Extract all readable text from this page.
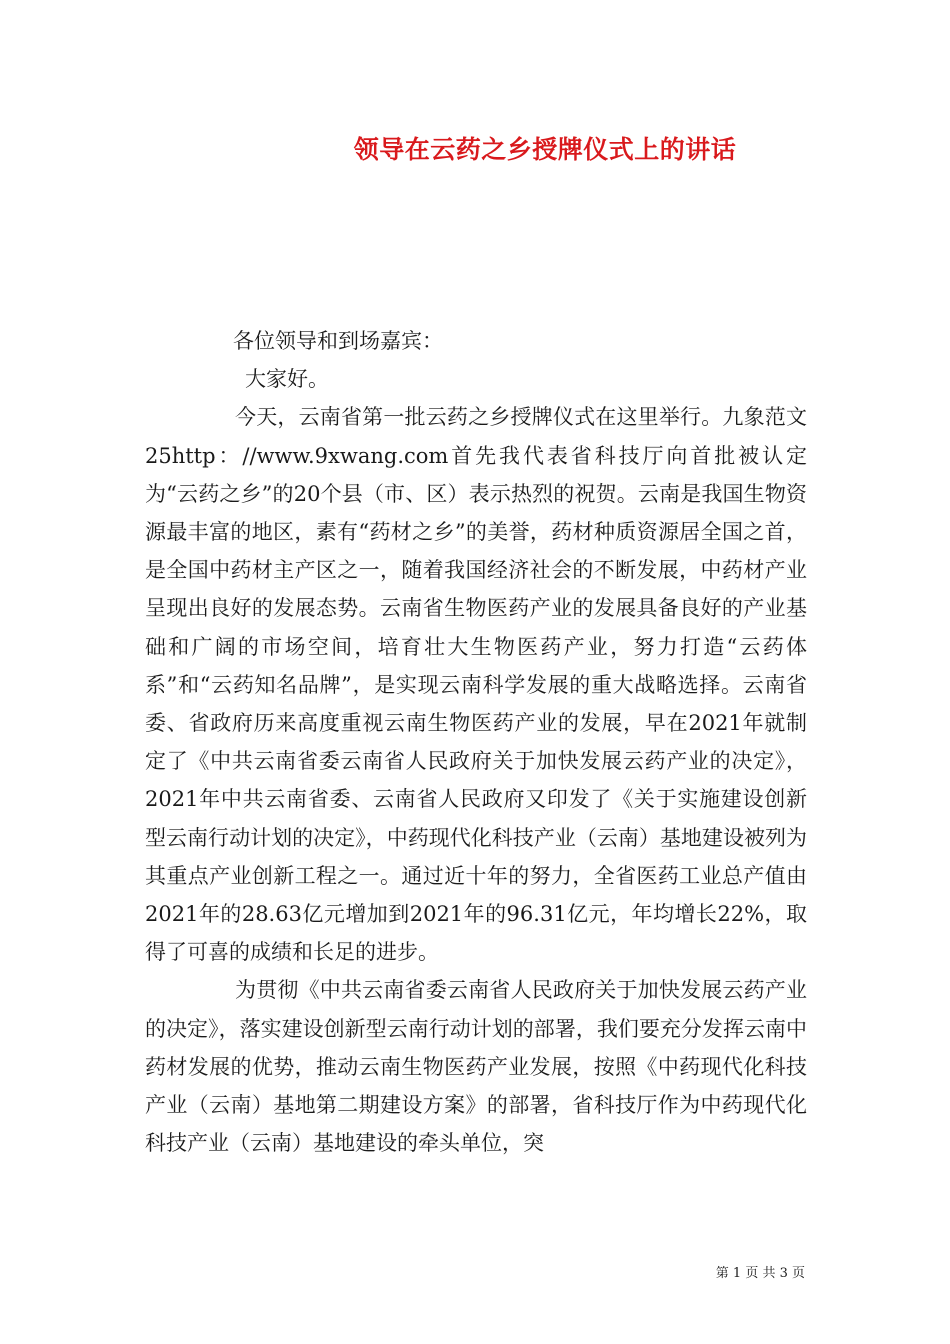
领导在云药之乡授牌仪式上的讲话

各位领导和到场嘉宾：

大家好。

今天，云南省第一批云药之乡授牌仪式在这里举行。九象范文25http：//www.9xwang.com首先我代表省科技厅向首批被认定为“云药之乡”的20个县（市、区）表示热烈的祝贺。云南是我国生物资源最丰富的地区，素有“药材之乡”的美誉，药材种质资源居全国之首，是全国中药材主产区之一，随着我国经济社会的不断发展，中药材产业呈现出良好的发展态势。云南省生物医药产业的发展具备良好的产业基础和广阔的市场空间，培育壮大生物医药产业，努力打造“云药体系”和“云药知名品牌”，是实现云南科学发展的重大战略选择。云南省委、省政府历来高度重视云南生物医药产业的发展，早在2021年就制定了《中共云南省委云南省人民政府关于加快发展云药产业的决定》，2021年中共云南省委、云南省人民政府又印发了《关于实施建设创新型云南行动计划的决定》，中药现代化科技产业（云南）基地建设被列为其重点产业创新工程之一。通过近十年的努力，全省医药工业总产值由2021年的28.63亿元增加到2021年的96.31亿元，年均增长22%，取得了可喜的成绩和长足的进步。

为贯彻《中共云南省委云南省人民政府关于加快发展云药产业的决定》，落实建设创新型云南行动计划的部署，我们要充分发挥云南中药材发展的优势，推动云南生物医药产业发展，按照《中药现代化科技产业（云南）基地第二期建设方案》的部署，省科技厅作为中药现代化科技产业（云南）基地建设的牵头单位，突

第 1 页 共 3 页
